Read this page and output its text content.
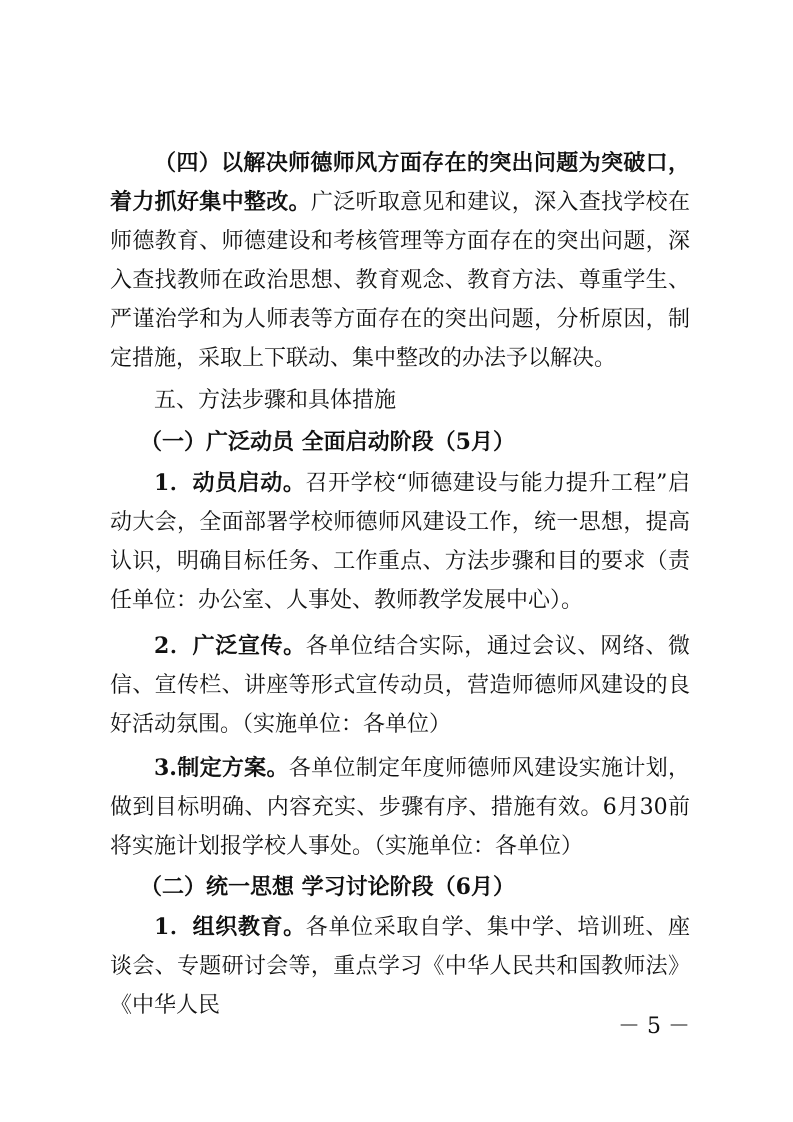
（四）以解决师德师风方面存在的突出问题为突破口，着力抓好集中整改。广泛听取意见和建议，深入查找学校在师德教育、师德建设和考核管理等方面存在的突出问题，深入查找教师在政治思想、教育观念、教育方法、尊重学生、严谨治学和为人师表等方面存在的突出问题，分析原因，制定措施，采取上下联动、集中整改的办法予以解决。

五、方法步骤和具体措施

（一）广泛动员 全面启动阶段（5月）

1．动员启动。召开学校“师德建设与能力提升工程”启动大会，全面部署学校师德师风建设工作，统一思想，提高认识，明确目标任务、工作重点、方法步骤和目的要求（责任单位：办公室、人事处、教师教学发展中心）。

2．广泛宣传。各单位结合实际，通过会议、网络、微信、宣传栏、讲座等形式宣传动员，营造师德师风建设的良好活动氛围。（实施单位：各单位）

3.制定方案。各单位制定年度师德师风建设实施计划，做到目标明确、内容充实、步骤有序、措施有效。6月30前将实施计划报学校人事处。（实施单位：各单位）

（二）统一思想 学习讨论阶段（6月）

1．组织教育。各单位采取自学、集中学、培训班、座谈会、专题研讨会等，重点学习《中华人民共和国教师法》《中华人民

－ 5 －
